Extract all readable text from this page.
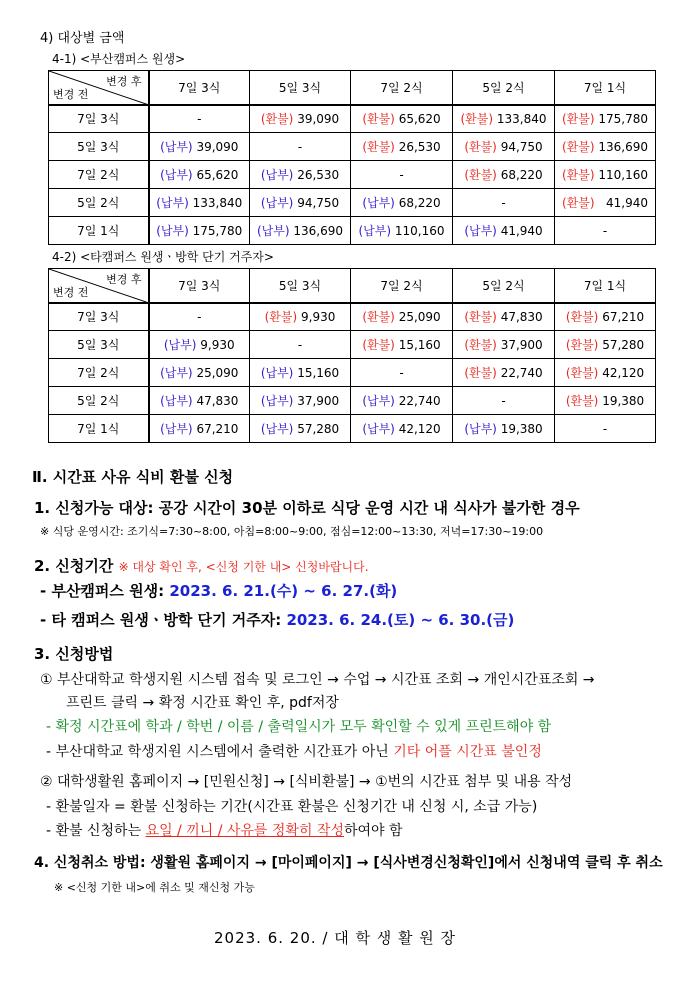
4) 대상별 금액
4-1) <부산캠퍼스 원생>
변경 후
변경 전	7일 3식	5일 3식	7일 2식	5일 2식	7일 1식
7일 3식	-	(환불) 39,090	(환불) 65,620	(환불) 133,840	(환불) 175,780
5일 3식	(납부) 39,090	-	(환불) 26,530	(환불) 94,750	(환불) 136,690
7일 2식	(납부) 65,620	(납부) 26,530	-	(환불) 68,220	(환불) 110,160
5일 2식	(납부) 133,840	(납부) 94,750	(납부) 68,220	-	(환불)   41,940
7일 1식	(납부) 175,780	(납부) 136,690	(납부) 110,160	(납부) 41,940	-
4-2) <타캠퍼스 원생ㆍ방학 단기 거주자>
변경 후
변경 전	7일 3식	5일 3식	7일 2식	5일 2식	7일 1식
7일 3식	-	(환불) 9,930	(환불) 25,090	(환불) 47,830	(환불) 67,210
5일 3식	(납부) 9,930	-	(환불) 15,160	(환불) 37,900	(환불) 57,280
7일 2식	(납부) 25,090	(납부) 15,160	-	(환불) 22,740	(환불) 42,120
5일 2식	(납부) 47,830	(납부) 37,900	(납부) 22,740	-	(환불) 19,380
7일 1식	(납부) 67,210	(납부) 57,280	(납부) 42,120	(납부) 19,380	-
Ⅱ. 시간표 사유 식비 환불 신청
1. 신청가능 대상: 공강 시간이 30분 이하로 식당 운영 시간 내 식사가 불가한 경우
※ 식당 운영시간: 조기식=7:30~8:00, 아침=8:00~9:00, 점심=12:00~13:30, 저녁=17:30~19:00
2. 신청기간 ※ 대상 확인 후, <신청 기한 내> 신청바랍니다.
- 부산캠퍼스 원생: 2023. 6. 21.(수) ~ 6. 27.(화)
- 타 캠퍼스 원생ㆍ방학 단기 거주자: 2023. 6. 24.(토) ~ 6. 30.(금)
3. 신청방법
① 부산대학교 학생지원 시스템 접속 및 로그인 → 수업 → 시간표 조회 → 개인시간표조회 →
프린트 클릭 → 확정 시간표 확인 후, pdf저장
- 확정 시간표에 학과 / 학번 / 이름 / 출력일시가 모두 확인할 수 있게 프린트해야 함
- 부산대학교 학생지원 시스템에서 출력한 시간표가 아닌 기타 어플 시간표 불인정
② 대학생활원 홈페이지 → [민원신청] → [식비환불] → ①번의 시간표 첨부 및 내용 작성
- 환불일자 = 환불 신청하는 기간(시간표 환불은 신청기간 내 신청 시, 소급 가능)
- 환불 신청하는 요일 / 끼니 / 사유를 정확히 작성하여야 함
4. 신청취소 방법: 생활원 홈페이지 → [마이페이지] → [식사변경신청확인]에서 신청내역 클릭 후 취소
※ <신청 기한 내>에 취소 및 재신청 가능
2023. 6. 20. / 대 학 생 활 원 장
